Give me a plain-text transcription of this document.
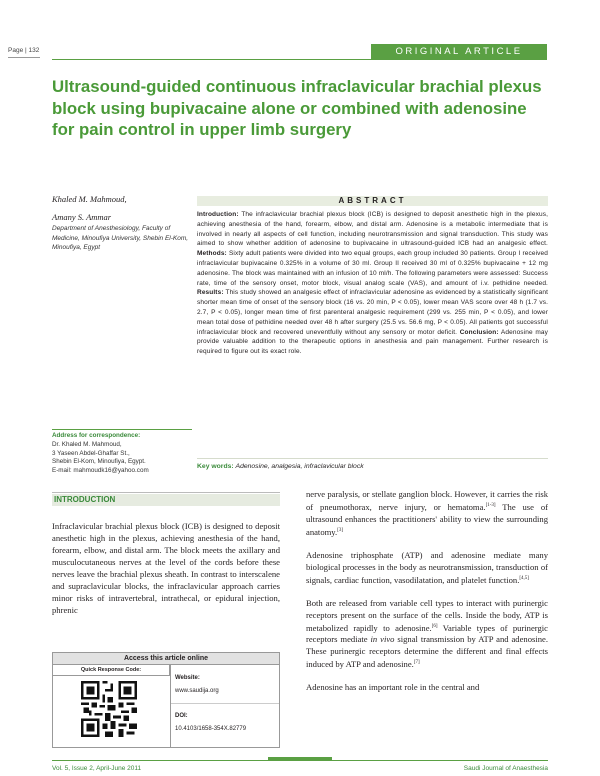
Page | 132	ORIGINAL ARTICLE
Ultrasound-guided continuous infraclavicular brachial plexus block using bupivacaine alone or combined with adenosine for pain control in upper limb surgery
Khaled M. Mahmoud,
Amany S. Ammar
Department of Anesthesiology, Faculty of Medicine, Minoufiya University, Shebin El-Kom, Minoufiya, Egypt
ABSTRACT
Introduction: The infraclavicular brachial plexus block (ICB) is designed to deposit anesthetic high in the plexus, achieving anesthesia of the hand, forearm, elbow, and distal arm. Adenosine is a metabolic intermediate that is involved in nearly all aspects of cell function, including neurotransmission and signal transduction. This study was aimed to show whether addition of adenosine to bupivacaine in ultrasound-guided ICB had an analgesic effect. Methods: Sixty adult patients were divided into two equal groups, each group included 30 patients. Group I received infraclavicular bupivacaine 0.325% in a volume of 30 ml. Group II received 30 ml of 0.325% bupivacaine + 12 mg adenosine. The block was maintained with an infusion of 10 ml/h. The following parameters were assessed: Success rate, time of the sensory onset, motor block, visual analog scale (VAS), and amount of i.v. pethidine needed. Results: This study showed an analgesic effect of infraclavicular adenosine as evidenced by a statistically significant shorter mean time of onset of the sensory block (16 vs. 20 min, P < 0.05), lower mean VAS score over 48 h (1.7 vs. 2.7, P < 0.05), longer mean time of first parenteral analgesic requirement (299 vs. 255 min, P < 0.05), and lower mean total dose of pethidine needed over 48 h after surgery (25.5 vs. 56.6 mg, P < 0.05). All patients got successful infraclavicular block and recovered uneventfully without any sensory or motor deficit. Conclusion: Adenosine may provide valuable addition to the therapeutic options in anesthesia and pain management. Further research is required to figure out its exact role.
Key words: Adenosine, analgesia, infraclavicular block
Address for correspondence:
Dr. Khaled M. Mahmoud,
3 Yaseen Abdel-Ghaffar St.,
Shebin El-Kom, Minoufiya, Egypt.
E-mail: mahmoudk16@yahoo.com
INTRODUCTION

Infraclavicular brachial plexus block (ICB) is designed to deposit anesthetic high in the plexus, achieving anesthesia of the hand, forearm, elbow, and distal arm. The block meets the axillary and musculocutaneous nerves at the level of the cords before these nerves leave the brachial plexus sheath. In contrast to interscalene and supraclavicular blocks, the infraclavicular approach carries minor risks of intravertebral, intrathecal, or epidural injection, phrenic

nerve paralysis, or stellate ganglion block. However, it carries the risk of pneumothorax, nerve injury, or hematoma.[1-3] The use of ultrasound enhances the practitioners' ability to view the surrounding anatomy.[3]

Adenosine triphosphate (ATP) and adenosine mediate many biological processes in the body as neurotransmission, transduction of signals, cardiac function, vasodilatation, and platelet function.[4,5]

Both are released from variable cell types to interact with purinergic receptors present on the surface of the cells. Inside the body, ATP is metabolized rapidly to adenosine.[6] Variable types of purinergic receptors mediate in vivo signal transmission by ATP and adenosine. These purinergic receptors determine the different and final effects induced by ATP and adenosine.[7]

Adenosine has an important role in the central and

Access this article online
Quick Response Code:
Website:
www.saudija.org
DOI:
10.4103/1658-354X.82779
Vol. 5, Issue 2, April-June 2011	Saudi Journal of Anaesthesia
